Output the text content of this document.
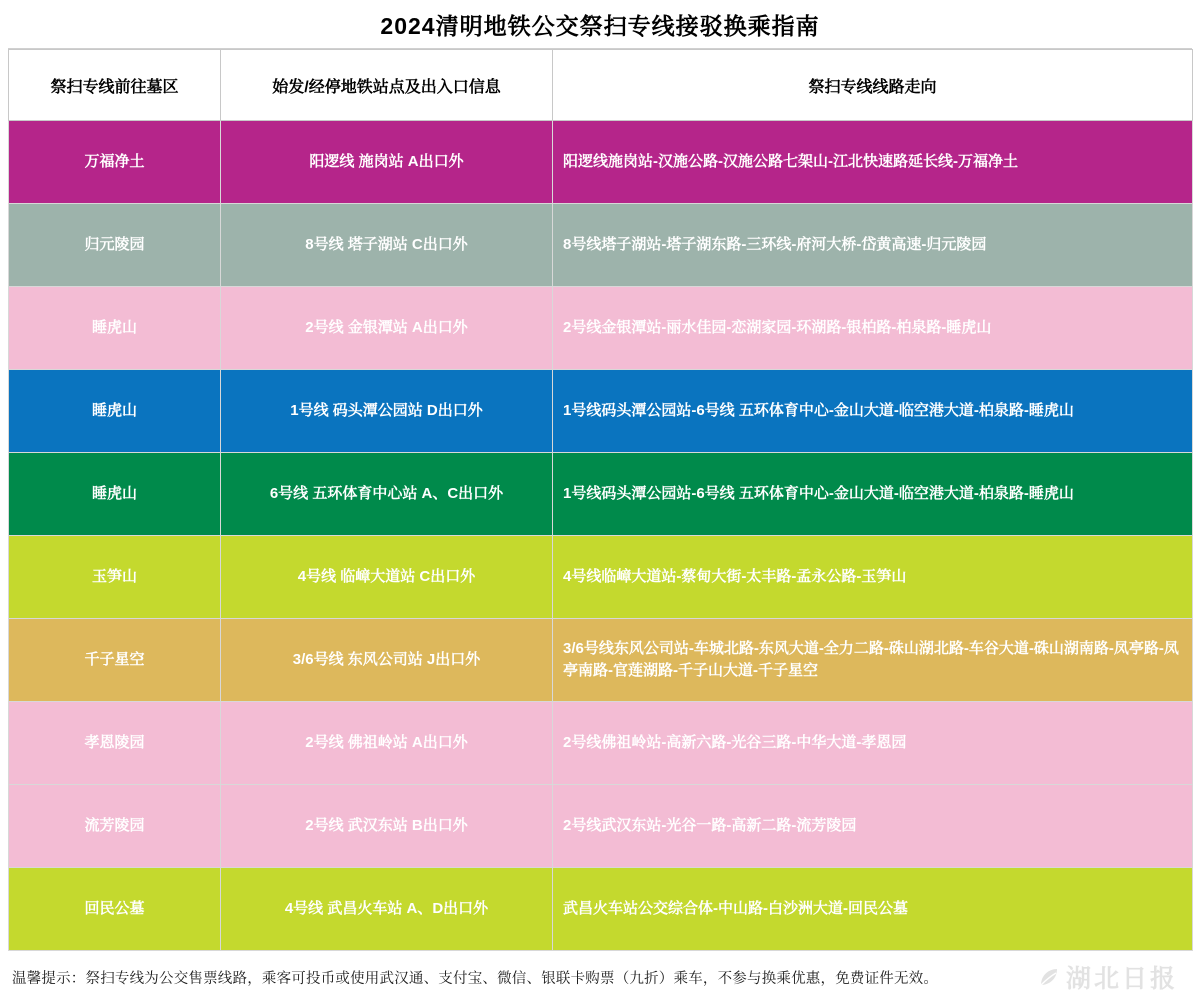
2024清明地铁公交祭扫专线接驳换乘指南
祭扫专线前往墓区	始发/经停地铁站点及出入口信息	祭扫专线线路走向
万福净土	阳逻线 施岗站 A出口外	阳逻线施岗站-汉施公路-汉施公路七架山-江北快速路延长线-万福净土
归元陵园	8号线 塔子湖站 C出口外	8号线塔子湖站-塔子湖东路-三环线-府河大桥-岱黄高速-归元陵园
睡虎山	2号线 金银潭站 A出口外	2号线金银潭站-丽水佳园-恋湖家园-环湖路-银柏路-柏泉路-睡虎山
睡虎山	1号线 码头潭公园站 D出口外	1号线码头潭公园站-6号线 五环体育中心-金山大道-临空港大道-柏泉路-睡虎山
睡虎山	6号线 五环体育中心站 A、C出口外	1号线码头潭公园站-6号线 五环体育中心-金山大道-临空港大道-柏泉路-睡虎山
玉笋山	4号线 临嶂大道站 C出口外	4号线临嶂大道站-蔡甸大街-太丰路-孟永公路-玉笋山
千子星空	3/6号线 东风公司站 J出口外	3/6号线东风公司站-车城北路-东风大道-全力二路-硃山湖北路-车谷大道-硃山湖南路-凤亭路-凤亭南路-官莲湖路-千子山大道-千子星空
孝恩陵园	2号线 佛祖岭站 A出口外	2号线佛祖岭站-高新六路-光谷三路-中华大道-孝恩园
流芳陵园	2号线 武汉东站 B出口外	2号线武汉东站-光谷一路-高新二路-流芳陵园
回民公墓	4号线 武昌火车站 A、D出口外	武昌火车站公交综合体-中山路-白沙洲大道-回民公墓
温馨提示：祭扫专线为公交售票线路，乘客可投币或使用武汉通、支付宝、微信、银联卡购票（九折）乘车，不参与换乘优惠，免费证件无效。	湖北日报
